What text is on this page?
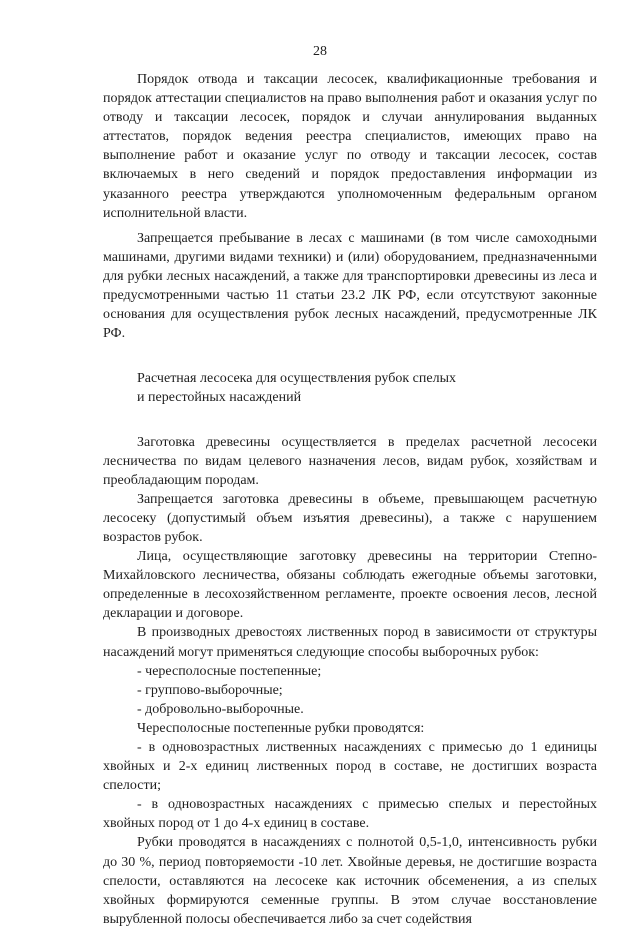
28

Порядок отвода и таксации лесосек, квалификационные требования и порядок аттестации специалистов на право выполнения работ и оказания услуг по отводу и таксации лесосек, порядок и случаи аннулирования выданных аттестатов, порядок ведения реестра специалистов, имеющих право на выполнение работ и оказание услуг по отводу и таксации лесосек, состав включаемых в него сведений и порядок предоставления информации из указанного реестра утверждаются уполномоченным федеральным органом исполнительной власти.

Запрещается пребывание в лесах с машинами (в том числе самоходными машинами, другими видами техники) и (или) оборудованием, предназначенными для рубки лесных насаждений, а также для транспортировки древесины из леса и предусмотренными частью 11 статьи 23.2 ЛК РФ, если отсутствуют законные основания для осуществления рубок лесных насаждений, предусмотренные ЛК РФ.

Расчетная лесосека для осуществления рубок спелых

и перестойных насаждений

Заготовка древесины осуществляется в пределах расчетной лесосеки лесничества по видам целевого назначения лесов, видам рубок, хозяйствам и преобладающим породам.

Запрещается заготовка древесины в объеме, превышающем расчетную лесосеку (допустимый объем изъятия древесины), а также с нарушением возрастов рубок.

Лица, осуществляющие заготовку древесины на территории Степно-Михайловского лесничества, обязаны соблюдать ежегодные объемы заготовки, определенные в лесохозяйственном регламенте, проекте освоения лесов, лесной декларации и договоре.

В производных древостоях лиственных пород в зависимости от структуры насаждений могут применяться следующие способы выборочных рубок:

- чересполосные постепенные;

- группово-выборочные;

- добровольно-выборочные.

Чересполосные постепенные рубки проводятся:

- в одновозрастных лиственных насаждениях с примесью до 1 единицы хвойных и 2-х единиц лиственных пород в составе, не достигших возраста спелости;

- в одновозрастных насаждениях с примесью спелых и перестойных хвойных пород от 1 до 4-х единиц в составе.

Рубки проводятся в насаждениях с полнотой 0,5-1,0, интенсивность рубки до 30 %, период повторяемости -10 лет. Хвойные деревья, не достигшие возраста спелости, оставляются на лесосеке как источник обсеменения, а из спелых хвойных формируются семенные группы. В этом случае восстановление вырубленной полосы обеспечивается либо за счет содействия
